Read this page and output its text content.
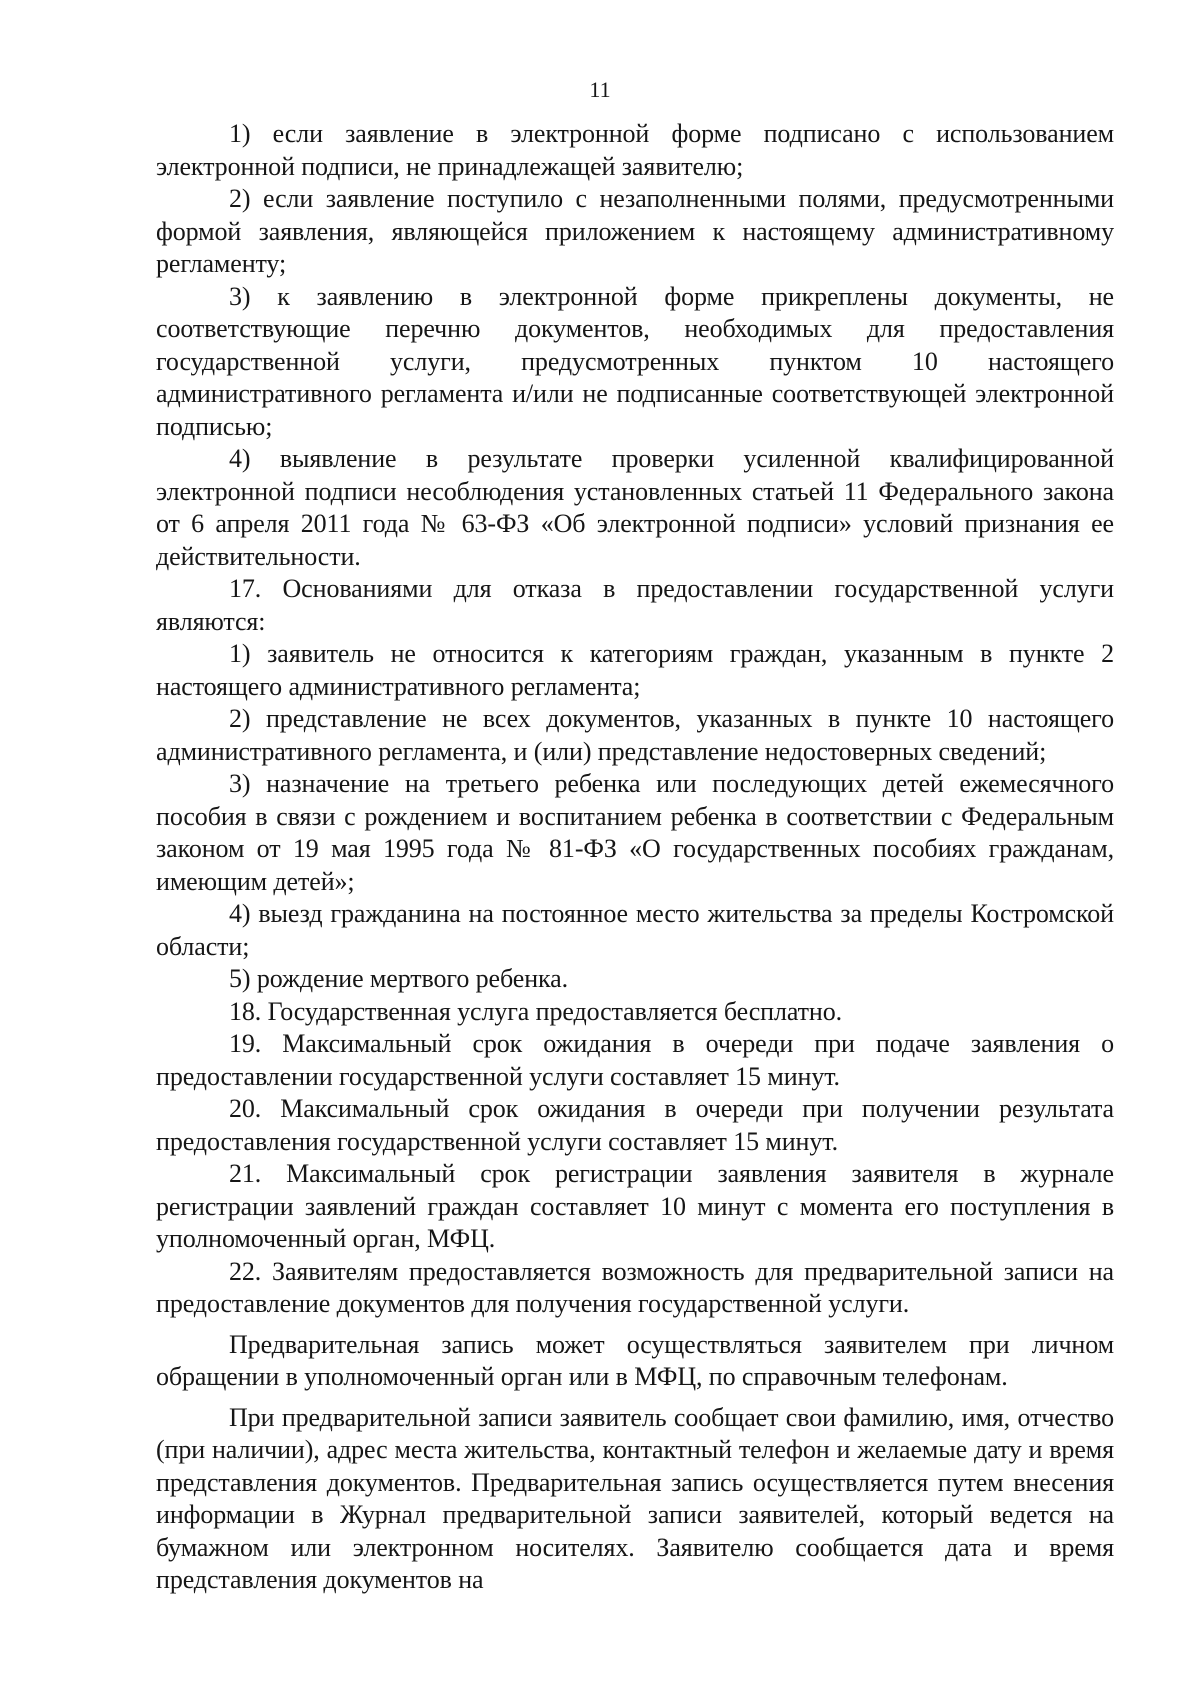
11

1) если заявление в электронной форме подписано с использованием электронной подписи, не принадлежащей заявителю;

2) если заявление поступило с незаполненными полями, предусмотренными формой заявления, являющейся приложением к настоящему административному регламенту;

3) к заявлению в электронной форме прикреплены документы, не соответствующие перечню документов, необходимых для предоставления государственной услуги, предусмотренных пунктом 10 настоящего административного регламента и/или не подписанные соответствующей электронной подписью;

4) выявление в результате проверки усиленной квалифицированной электронной подписи несоблюдения установленных статьей 11 Федерального закона от 6 апреля 2011 года № 63-ФЗ «Об электронной подписи» условий признания ее действительности.

17. Основаниями для отказа в предоставлении государственной услуги являются:

1) заявитель не относится к категориям граждан, указанным в пункте 2 настоящего административного регламента;

2) представление не всех документов, указанных в пункте 10 настоящего административного регламента, и (или) представление недостоверных сведений;

3) назначение на третьего ребенка или последующих детей ежемесячного пособия в связи с рождением и воспитанием ребенка в соответствии с Федеральным законом от 19 мая 1995 года № 81-ФЗ «О государственных пособиях гражданам, имеющим детей»;

4) выезд гражданина на постоянное место жительства за пределы Костромской области;

5) рождение мертвого ребенка.

18. Государственная услуга предоставляется бесплатно.

19. Максимальный срок ожидания в очереди при подаче заявления о предоставлении государственной услуги составляет 15 минут.

20. Максимальный срок ожидания в очереди при получении результата предоставления государственной услуги составляет 15 минут.

21. Максимальный срок регистрации заявления заявителя в журнале регистрации заявлений граждан составляет 10 минут с момента его поступления в уполномоченный орган, МФЦ.

22. Заявителям предоставляется возможность для предварительной записи на предоставление документов для получения государственной услуги.

Предварительная запись может осуществляться заявителем при личном обращении в уполномоченный орган или в МФЦ, по справочным телефонам.

При предварительной записи заявитель сообщает свои фамилию, имя, отчество (при наличии), адрес места жительства, контактный телефон и желаемые дату и время представления документов. Предварительная запись осуществляется путем внесения информации в Журнал предварительной записи заявителей, который ведется на бумажном или электронном носителях. Заявителю сообщается дата и время представления документов на
